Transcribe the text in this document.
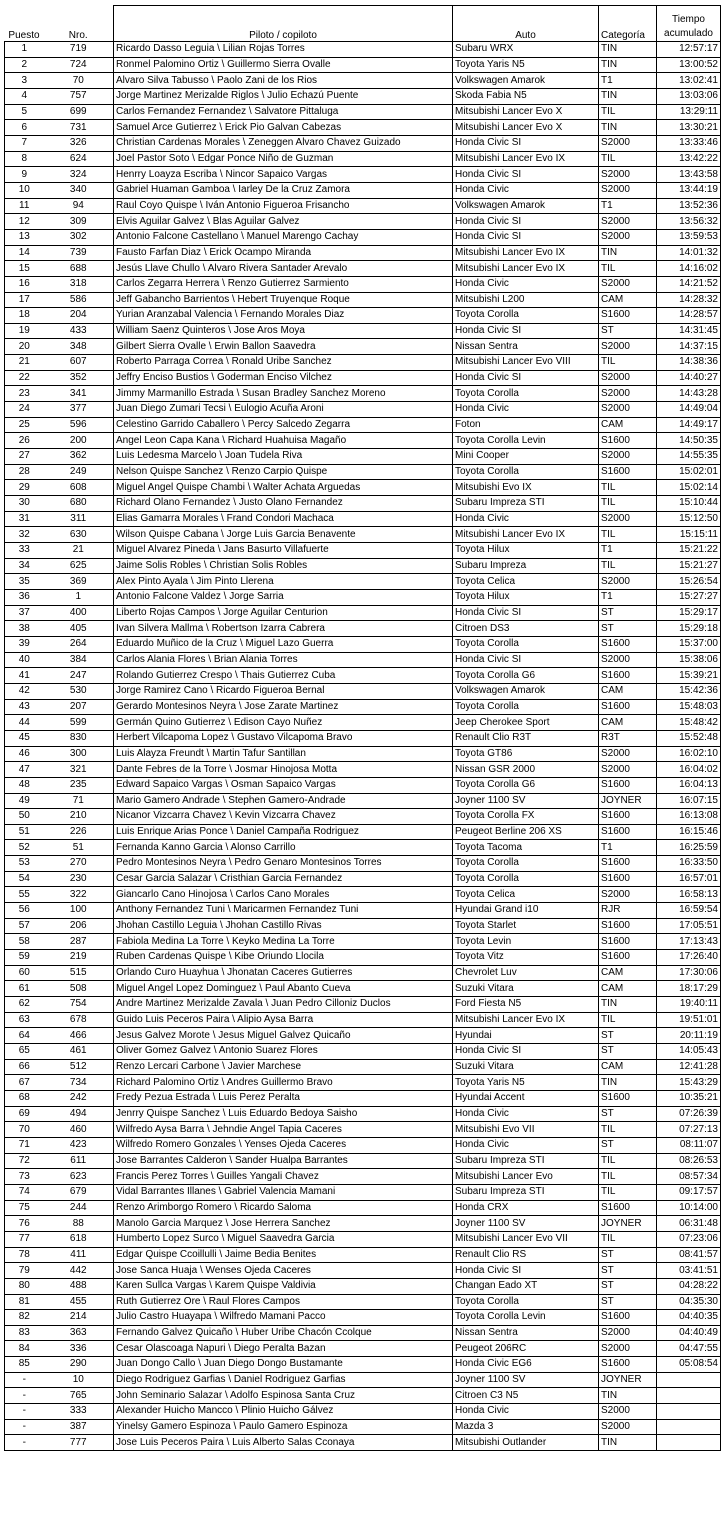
Puesto	Nro.	Piloto / copiloto	Auto	Categoría	Tiempo
acumulado

1	719	Ricardo Dasso Leguia \ Lilian Rojas Torres	Subaru WRX	TIN	12:57:17
2	724	Ronmel Palomino Ortiz \ Guillermo Sierra Ovalle	Toyota Yaris N5	TIN	13:00:52
3	70	Alvaro Silva Tabusso \ Paolo Zani de los Rios	Volkswagen Amarok	T1	13:02:41
4	757	Jorge Martinez Merizalde Riglos \ Julio Echazú Puente	Skoda Fabia N5	TIN	13:03:06
5	699	Carlos Fernandez Fernandez \ Salvatore Pittaluga	Mitsubishi Lancer Evo X	TIL	13:29:11
6	731	Samuel Arce Gutierrez \ Erick Pio Galvan Cabezas	Mitsubishi Lancer Evo X	TIN	13:30:21
7	326	Christian Cardenas Morales \ Zeneggen Alvaro Chavez Guizado	Honda Civic SI	S2000	13:33:46
8	624	Joel Pastor Soto \ Edgar Ponce Niño de Guzman	Mitsubishi Lancer Evo IX	TIL	13:42:22
9	324	Henrry Loayza Escriba \ Nincor Sapaico Vargas	Honda Civic SI	S2000	13:43:58
10	340	Gabriel Huaman Gamboa \ Iarley De la Cruz Zamora	Honda Civic	S2000	13:44:19
11	94	Raul Coyo Quispe \ Iván Antonio Figueroa Frisancho	Volkswagen Amarok	T1	13:52:36
12	309	Elvis Aguilar Galvez \ Blas Aguilar Galvez	Honda Civic SI	S2000	13:56:32
13	302	Antonio Falcone Castellano \ Manuel Marengo Cachay	Honda Civic SI	S2000	13:59:53
14	739	Fausto Farfan Diaz \ Erick Ocampo Miranda	Mitsubishi Lancer Evo IX	TIN	14:01:32
15	688	Jesús Llave Chullo \ Alvaro Rivera Santader Arevalo	Mitsubishi Lancer Evo IX	TIL	14:16:02
16	318	Carlos Zegarra Herrera \ Renzo Gutierrez Sarmiento	Honda Civic	S2000	14:21:52
17	586	Jeff Gabancho Barrientos \ Hebert Truyenque Roque	Mitsubishi L200	CAM	14:28:32
18	204	Yurian Aranzabal Valencia \ Fernando Morales Diaz	Toyota Corolla	S1600	14:28:57
19	433	William Saenz Quinteros \ Jose Aros Moya	Honda Civic SI	ST	14:31:45
20	348	Gilbert Sierra Ovalle \ Erwin Ballon Saavedra	Nissan Sentra	S2000	14:37:15
21	607	Roberto Parraga Correa \ Ronald Uribe Sanchez	Mitsubishi Lancer Evo VIII	TIL	14:38:36
22	352	Jeffry Enciso Bustios \ Goderman Enciso Vilchez	Honda Civic SI	S2000	14:40:27
23	341	Jimmy Marmanillo Estrada \ Susan Bradley Sanchez Moreno	Toyota Corolla	S2000	14:43:28
24	377	Juan Diego Zumari Tecsi \ Eulogio Acuña Aroni	Honda Civic	S2000	14:49:04
25	596	Celestino Garrido Caballero \ Percy Salcedo Zegarra	Foton	CAM	14:49:17
26	200	Angel Leon Capa Kana \ Richard Huahuisa Magaño	Toyota Corolla Levin	S1600	14:50:35
27	362	Luis Ledesma Marcelo \ Joan Tudela Riva	Mini Cooper	S2000	14:55:35
28	249	Nelson Quispe Sanchez \ Renzo Carpio Quispe	Toyota Corolla	S1600	15:02:01
29	608	Miguel Angel Quispe Chambi \ Walter Achata Arguedas	Mitsubishi Evo IX	TIL	15:02:14
30	680	Richard Olano Fernandez \ Justo Olano Fernandez	Subaru Impreza STI	TIL	15:10:44
31	311	Elias Gamarra Morales \ Frand Condori Machaca	Honda Civic	S2000	15:12:50
32	630	Wilson Quispe Cabana \ Jorge Luis Garcia Benavente	Mitsubishi Lancer Evo IX	TIL	15:15:11
33	21	Miguel Alvarez Pineda \ Jans Basurto Villafuerte	Toyota Hilux	T1	15:21:22
34	625	Jaime Solis Robles \ Christian Solis Robles	Subaru Impreza	TIL	15:21:27
35	369	Alex Pinto Ayala \ Jim Pinto Llerena	Toyota Celica	S2000	15:26:54
36	1	Antonio Falcone Valdez \ Jorge Sarria	Toyota Hilux	T1	15:27:27
37	400	Liberto Rojas Campos \ Jorge Aguilar Centurion	Honda Civic SI	ST	15:29:17
38	405	Ivan Silvera Mallma \ Robertson Izarra Cabrera	Citroen DS3	ST	15:29:18
39	264	Eduardo Muñico de la Cruz \ Miguel Lazo Guerra	Toyota Corolla	S1600	15:37:00
40	384	Carlos Alania Flores \ Brian Alania Torres	Honda Civic SI	S2000	15:38:06
41	247	Rolando Gutierrez Crespo \ Thais Gutierrez Cuba	Toyota Corolla G6	S1600	15:39:21
42	530	Jorge Ramirez Cano \ Ricardo Figueroa Bernal	Volkswagen Amarok	CAM	15:42:36
43	207	Gerardo Montesinos Neyra \ Jose Zarate Martinez	Toyota Corolla	S1600	15:48:03
44	599	Germán Quino Gutierrez \ Edison Cayo Nuñez	Jeep Cherokee Sport	CAM	15:48:42
45	830	Herbert Vilcapoma Lopez \ Gustavo Vilcapoma Bravo	Renault Clio R3T	R3T	15:52:48
46	300	Luis Alayza Freundt \ Martin Tafur Santillan	Toyota GT86	S2000	16:02:10
47	321	Dante Febres de la Torre \ Josmar Hinojosa Motta	Nissan GSR 2000	S2000	16:04:02
48	235	Edward Sapaico Vargas \ Osman Sapaico Vargas	Toyota Corolla G6	S1600	16:04:13
49	71	Mario Gamero Andrade \ Stephen Gamero-Andrade	Joyner 1100 SV	JOYNER	16:07:15
50	210	Nicanor Vizcarra Chavez \ Kevin Vizcarra Chavez	Toyota Corolla FX	S1600	16:13:08
51	226	Luis Enrique Arias Ponce \ Daniel Campaña Rodriguez	Peugeot Berline 206 XS	S1600	16:15:46
52	51	Fernanda Kanno Garcia \ Alonso Carrillo	Toyota Tacoma	T1	16:25:59
53	270	Pedro Montesinos Neyra \ Pedro Genaro Montesinos Torres	Toyota Corolla	S1600	16:33:50
54	230	Cesar Garcia Salazar \ Cristhian Garcia Fernandez	Toyota Corolla	S1600	16:57:01
55	322	Giancarlo Cano Hinojosa \ Carlos Cano Morales	Toyota Celica	S2000	16:58:13
56	100	Anthony Fernandez Tuni \ Maricarmen Fernandez Tuni	Hyundai Grand i10	RJR	16:59:54
57	206	Jhohan Castillo Leguia \ Jhohan Castillo Rivas	Toyota Starlet	S1600	17:05:51
58	287	Fabiola Medina La Torre \ Keyko Medina La Torre	Toyota Levin	S1600	17:13:43
59	219	Ruben Cardenas Quispe \ Kibe Oriundo Llocila	Toyota Vitz	S1600	17:26:40
60	515	Orlando Curo Huayhua \ Jhonatan Caceres Gutierres	Chevrolet Luv	CAM	17:30:06
61	508	Miguel Angel Lopez Dominguez \ Paul Abanto Cueva	Suzuki Vitara	CAM	18:17:29
62	754	Andre Martinez Merizalde Zavala \ Juan Pedro Cilloniz Duclos	Ford Fiesta N5	TIN	19:40:11
63	678	Guido Luis Peceros Paira \ Alipio Aysa Barra	Mitsubishi Lancer Evo IX	TIL	19:51:01
64	466	Jesus Galvez Morote \ Jesus Miguel Galvez Quicaño	Hyundai	ST	20:11:19
65	461	Oliver Gomez Galvez \ Antonio Suarez Flores	Honda Civic SI	ST	14:05:43
66	512	Renzo Lercari Carbone \ Javier Marchese	Suzuki Vitara	CAM	12:41:28
67	734	Richard Palomino Ortiz \ Andres Guillermo Bravo	Toyota Yaris N5	TIN	15:43:29
68	242	Fredy Pezua Estrada \ Luis Perez Peralta	Hyundai Accent	S1600	10:35:21
69	494	Jenrry Quispe Sanchez \ Luis Eduardo Bedoya Saisho	Honda Civic	ST	07:26:39
70	460	Wilfredo Aysa Barra \ Jehndie Angel Tapia Caceres	Mitsubishi Evo VII	TIL	07:27:13
71	423	Wilfredo Romero Gonzales \ Yenses Ojeda Caceres	Honda Civic	ST	08:11:07
72	611	Jose Barrantes Calderon \ Sander Hualpa Barrantes	Subaru Impreza STI	TIL	08:26:53
73	623	Francis Perez Torres \ Guilles Yangali Chavez	Mitsubishi Lancer Evo	TIL	08:57:34
74	679	Vidal Barrantes Illanes \ Gabriel Valencia Mamani	Subaru Impreza STI	TIL	09:17:57
75	244	Renzo Arimborgo Romero \ Ricardo Saloma	Honda CRX	S1600	10:14:00
76	88	Manolo Garcia Marquez \ Jose Herrera Sanchez	Joyner 1100 SV	JOYNER	06:31:48
77	618	Humberto Lopez Surco \ Miguel Saavedra Garcia	Mitsubishi Lancer Evo VII	TIL	07:23:06
78	411	Edgar Quispe Ccoillulli \ Jaime Bedia Benites	Renault Clio RS	ST	08:41:57
79	442	Jose Sanca Huaja \ Wenses Ojeda Caceres	Honda Civic SI	ST	03:41:51
80	488	Karen Sullca Vargas \ Karem Quispe Valdivia	Changan Eado XT	ST	04:28:22
81	455	Ruth Gutierrez Ore \ Raul Flores Campos	Toyota Corolla	ST	04:35:30
82	214	Julio Castro Huayapa \ Wilfredo Mamani Pacco	Toyota Corolla Levin	S1600	04:40:35
83	363	Fernando Galvez Quicaño \ Huber Uribe Chacón Ccolque	Nissan Sentra	S2000	04:40:49
84	336	Cesar Olascoaga Napuri \ Diego Peralta Bazan	Peugeot 206RC	S2000	04:47:55
85	290	Juan Dongo Callo \ Juan Diego Dongo Bustamante	Honda Civic EG6	S1600	05:08:54
-	10	Diego Rodriguez Garfias \ Daniel Rodriguez Garfias	Joyner 1100 SV	JOYNER	
-	765	John Seminario Salazar \ Adolfo Espinosa Santa Cruz	Citroen C3 N5	TIN	
-	333	Alexander Huicho Mancco \ Plinio Huicho Gálvez	Honda Civic	S2000	
-	387	Yinelsy Gamero Espinoza \ Paulo Gamero Espinoza	Mazda 3	S2000	
-	777	Jose Luis Peceros Paira \ Luis Alberto Salas Cconaya	Mitsubishi Outlander	TIN	
